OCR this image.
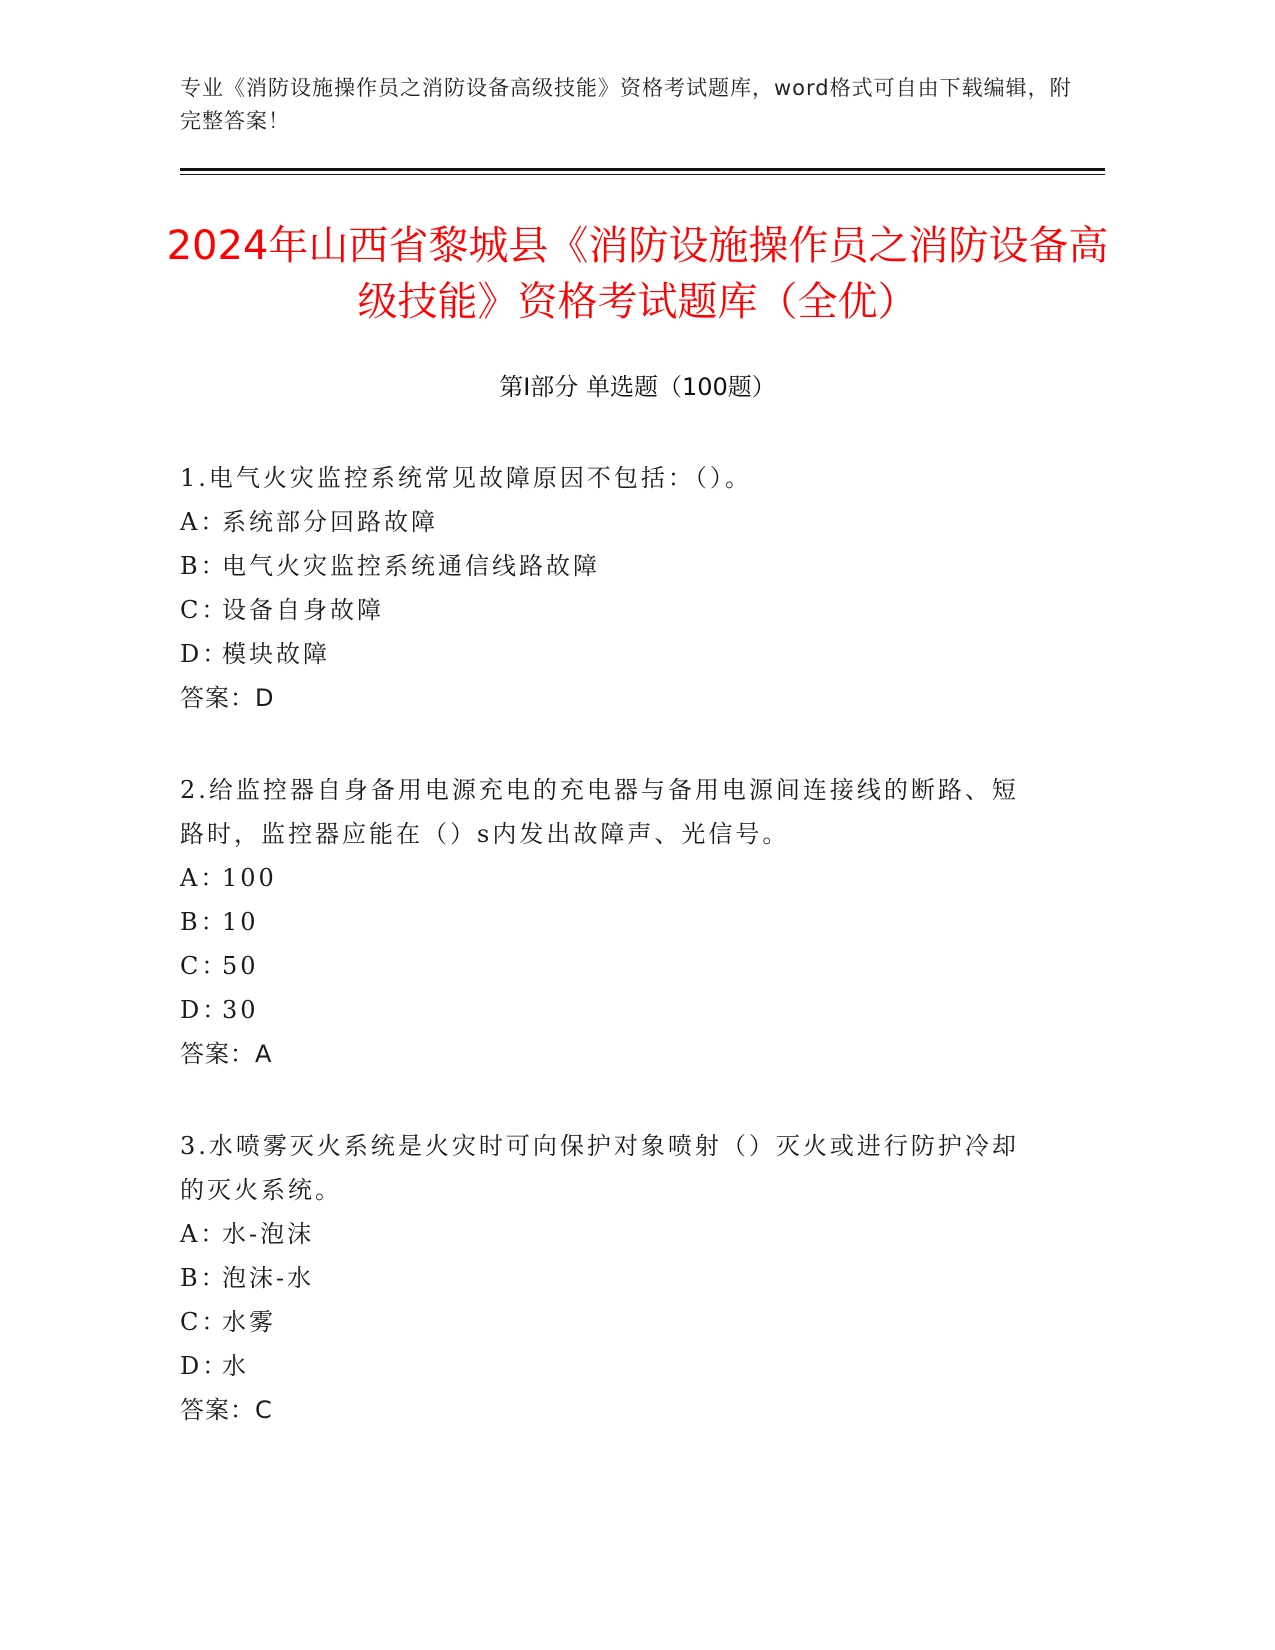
专业《消防设施操作员之消防设备高级技能》资格考试题库，word格式可自由下载编辑，附完整答案！
2024年山西省黎城县《消防设施操作员之消防设备高级技能》资格考试题库（全优）
第I部分 单选题（100题）

1.电气火灾监控系统常见故障原因不包括：（）。

A：系统部分回路故障

B：电气火灾监控系统通信线路故障

C：设备自身故障

D：模块故障

答案：D

2.给监控器自身备用电源充电的充电器与备用电源间连接线的断路、短路时，监控器应能在（）s内发出故障声、光信号。

A：100

B：10

C：50

D：30

答案：A

3.水喷雾灭火系统是火灾时可向保护对象喷射（）灭火或进行防护冷却的灭火系统。

A：水-泡沫

B：泡沫-水

C：水雾

D：水

答案：C
